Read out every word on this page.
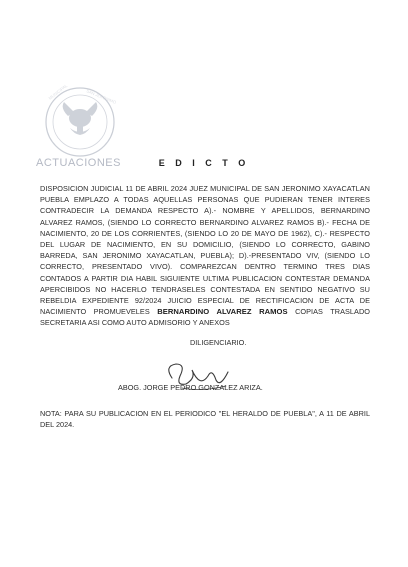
MUNICIPAL	SAN JERONIMO
ACTUACIONES	E D I C T O
DISPOSICION JUDICIAL 11 DE ABRIL 2024 JUEZ MUNICIPAL DE SAN JERONIMO XAYACATLAN PUEBLA EMPLAZO A TODAS AQUELLAS PERSONAS QUE PUDIERAN TENER INTERES CONTRADECIR LA DEMANDA RESPECTO A).- NOMBRE Y APELLIDOS, BERNARDINO ALVAREZ RAMOS, (SIENDO LO CORRECTO BERNARDINO ALVAREZ RAMOS B).- FECHA DE NACIMIENTO, 20 DE LOS CORRIENTES, (SIENDO LO 20 DE MAYO DE 1962), C).- RESPECTO DEL LUGAR DE NACIMIENTO, EN SU DOMICILIO, (SIENDO LO CORRECTO, GABINO BARREDA, SAN JERONIMO XAYACATLAN, PUEBLA); D).-PRESENTADO VIV, (SIENDO LO CORRECTO, PRESENTADO VIVO). COMPAREZCAN DENTRO TERMINO TRES DIAS CONTADOS A PARTIR DIA HABIL SIGUIENTE ULTIMA PUBLICACION CONTESTAR DEMANDA APERCIBIDOS NO HACERLO TENDRASELES CONTESTADA EN SENTIDO NEGATIVO SU REBELDIA EXPEDIENTE 92/2024 JUICIO ESPECIAL DE RECTIFICACION DE ACTA DE NACIMIENTO PROMUEVELES BERNARDINO ALVAREZ RAMOS COPIAS TRASLADO SECRETARIA ASI COMO AUTO ADMISORIO Y ANEXOS
DILIGENCIARIO.
ABOG. JORGE PEDRO GONZALEZ ARIZA.
NOTA: PARA SU PUBLICACION EN EL PERIODICO "EL HERALDO DE PUEBLA", A 11 DE ABRIL DEL 2024.
